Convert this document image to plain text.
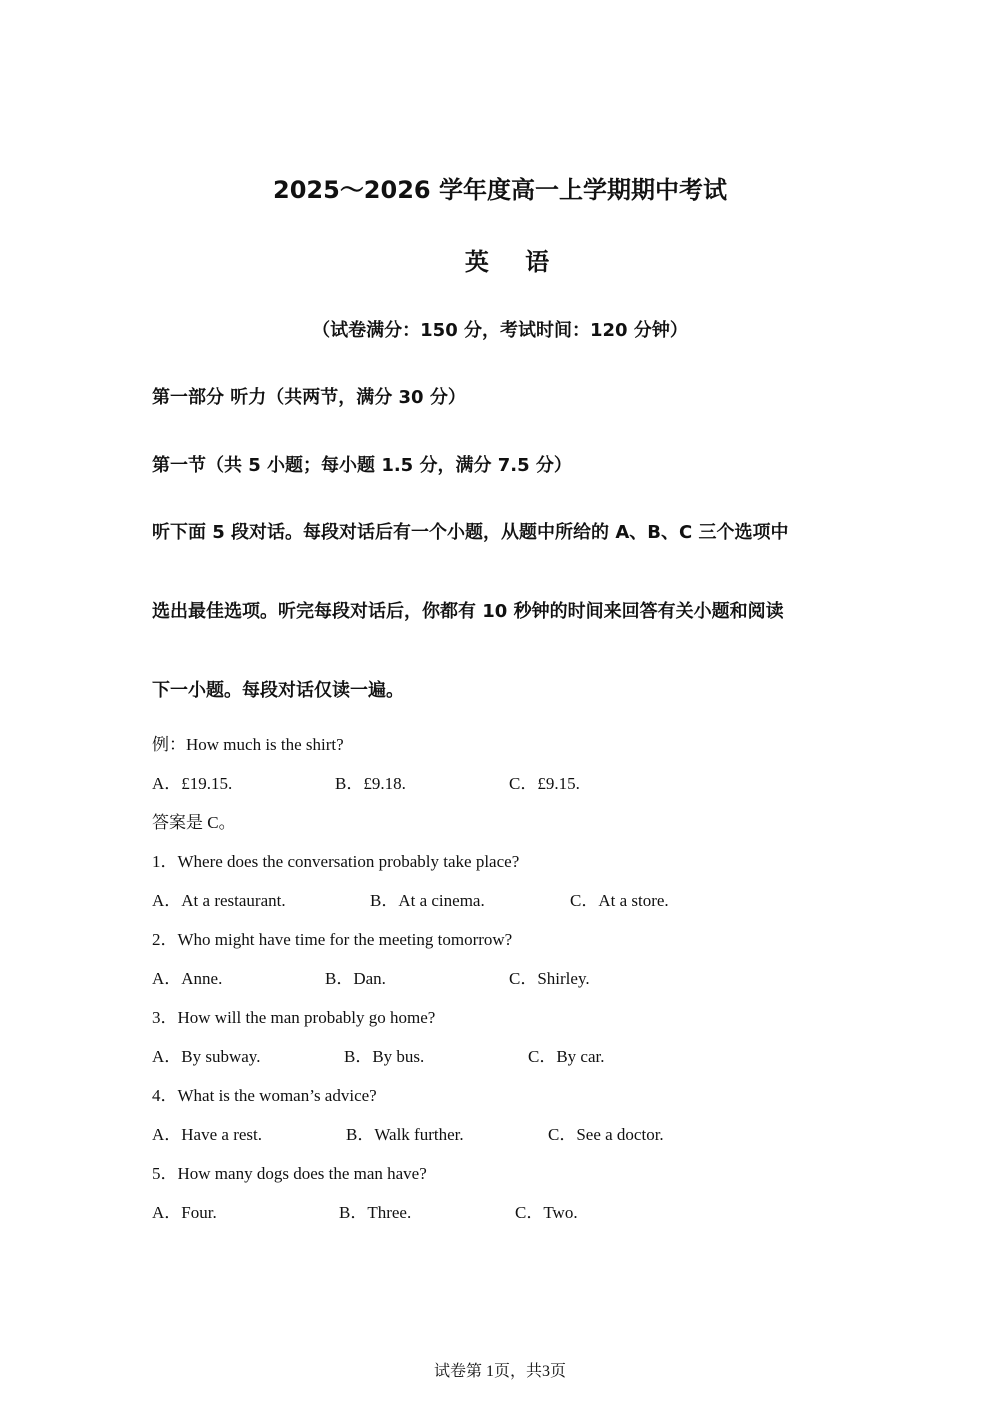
2025～2026 学年度高一上学期期中考试
英 语
（试卷满分：150 分，考试时间：120 分钟）
第一部分 听力（共两节，满分 30 分）
第一节（共 5 小题；每小题 1.5 分，满分 7.5 分）
听下面 5 段对话。每段对话后有一个小题，从题中所给的 A、B、C 三个选项中
选出最佳选项。听完每段对话后，你都有 10 秒钟的时间来回答有关小题和阅读
下一小题。每段对话仅读一遍。
例：How much is the shirt?
A．£19.15.	B．£9.18.	C．£9.15.
答案是 C。
1．Where does the conversation probably take place?
A．At a restaurant.	B．At a cinema.	C．At a store.
2．Who might have time for the meeting tomorrow?
A．Anne.	B．Dan.	C．Shirley.
3．How will the man probably go home?
A．By subway.	B．By bus.	C．By car.
4．What is the woman’s advice?
A．Have a rest.	B．Walk further.	C．See a doctor.
5．How many dogs does the man have?
A．Four.	B．Three.	C．Two.
试卷第 1页，共3页
